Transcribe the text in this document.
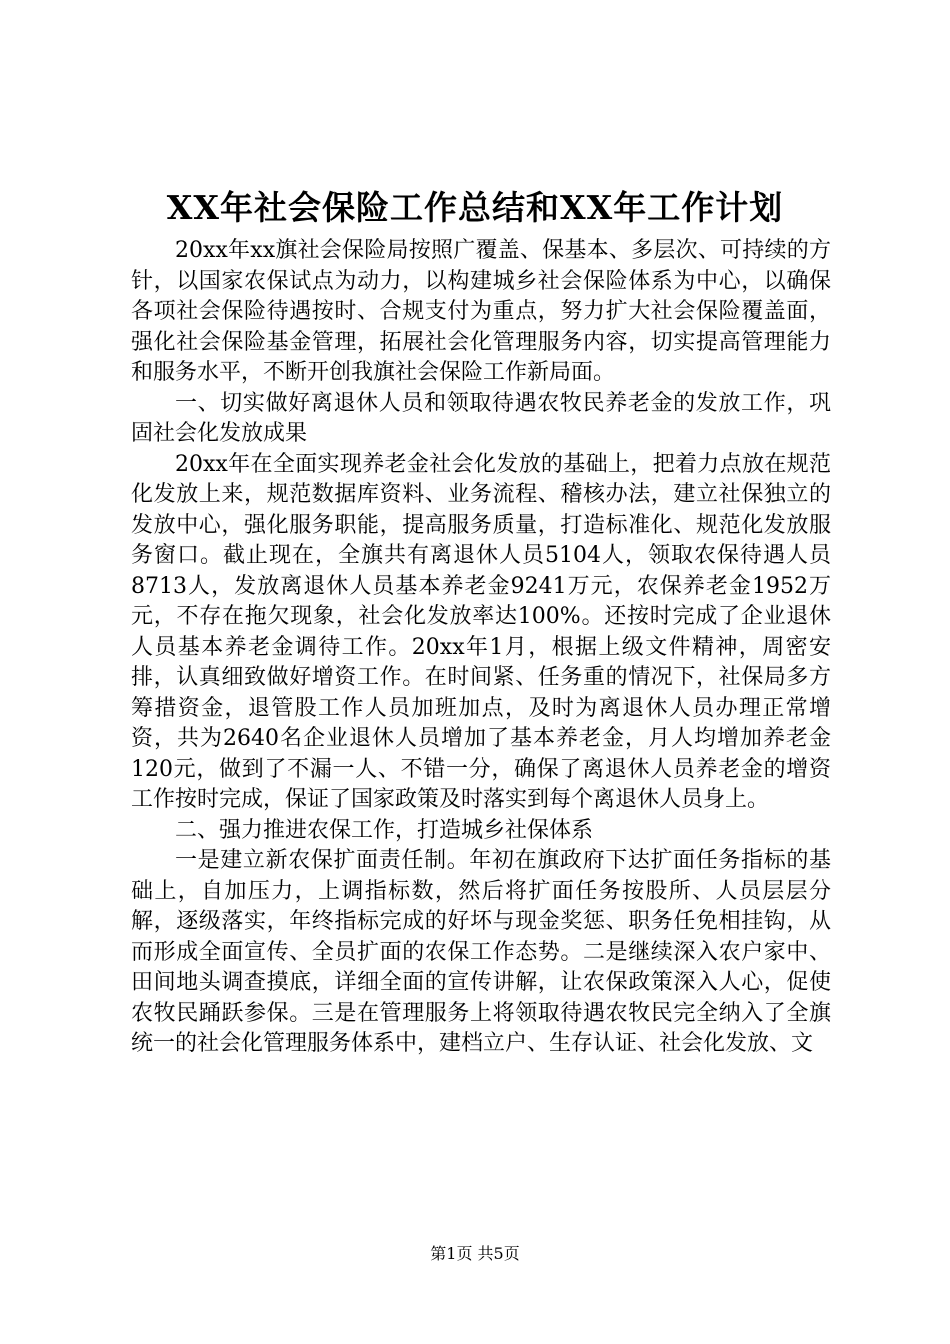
XX年社会保险工作总结和XX年工作计划

20xx年xx旗社会保险局按照广覆盖、保基本、多层次、可持续的方针，以国家农保试点为动力，以构建城乡社会保险体系为中心，以确保各项社会保险待遇按时、合规支付为重点，努力扩大社会保险覆盖面，强化社会保险基金管理，拓展社会化管理服务内容，切实提高管理能力和服务水平，不断开创我旗社会保险工作新局面。

一、切实做好离退休人员和领取待遇农牧民养老金的发放工作，巩固社会化发放成果

20xx年在全面实现养老金社会化发放的基础上，把着力点放在规范化发放上来，规范数据库资料、业务流程、稽核办法，建立社保独立的发放中心，强化服务职能，提高服务质量，打造标准化、规范化发放服务窗口。截止现在，全旗共有离退休人员5104人，领取农保待遇人员8713人，发放离退休人员基本养老金9241万元，农保养老金1952万元，不存在拖欠现象，社会化发放率达100%。还按时完成了企业退休人员基本养老金调待工作。20xx年1月，根据上级文件精神，周密安排，认真细致做好增资工作。在时间紧、任务重的情况下，社保局多方筹措资金，退管股工作人员加班加点，及时为离退休人员办理正常增资，共为2640名企业退休人员增加了基本养老金，月人均增加养老金120元，做到了不漏一人、不错一分，确保了离退休人员养老金的增资工作按时完成，保证了国家政策及时落实到每个离退休人员身上。

二、强力推进农保工作，打造城乡社保体系

一是建立新农保扩面责任制。年初在旗政府下达扩面任务指标的基础上，自加压力，上调指标数，然后将扩面任务按股所、人员层层分解，逐级落实，年终指标完成的好坏与现金奖惩、职务任免相挂钩，从而形成全面宣传、全员扩面的农保工作态势。二是继续深入农户家中、田间地头调查摸底，详细全面的宣传讲解，让农保政策深入人心，促使农牧民踊跃参保。三是在管理服务上将领取待遇农牧民完全纳入了全旗统一的社会化管理服务体系中，建档立户、生存认证、社会化发放、文

第1页 共5页
